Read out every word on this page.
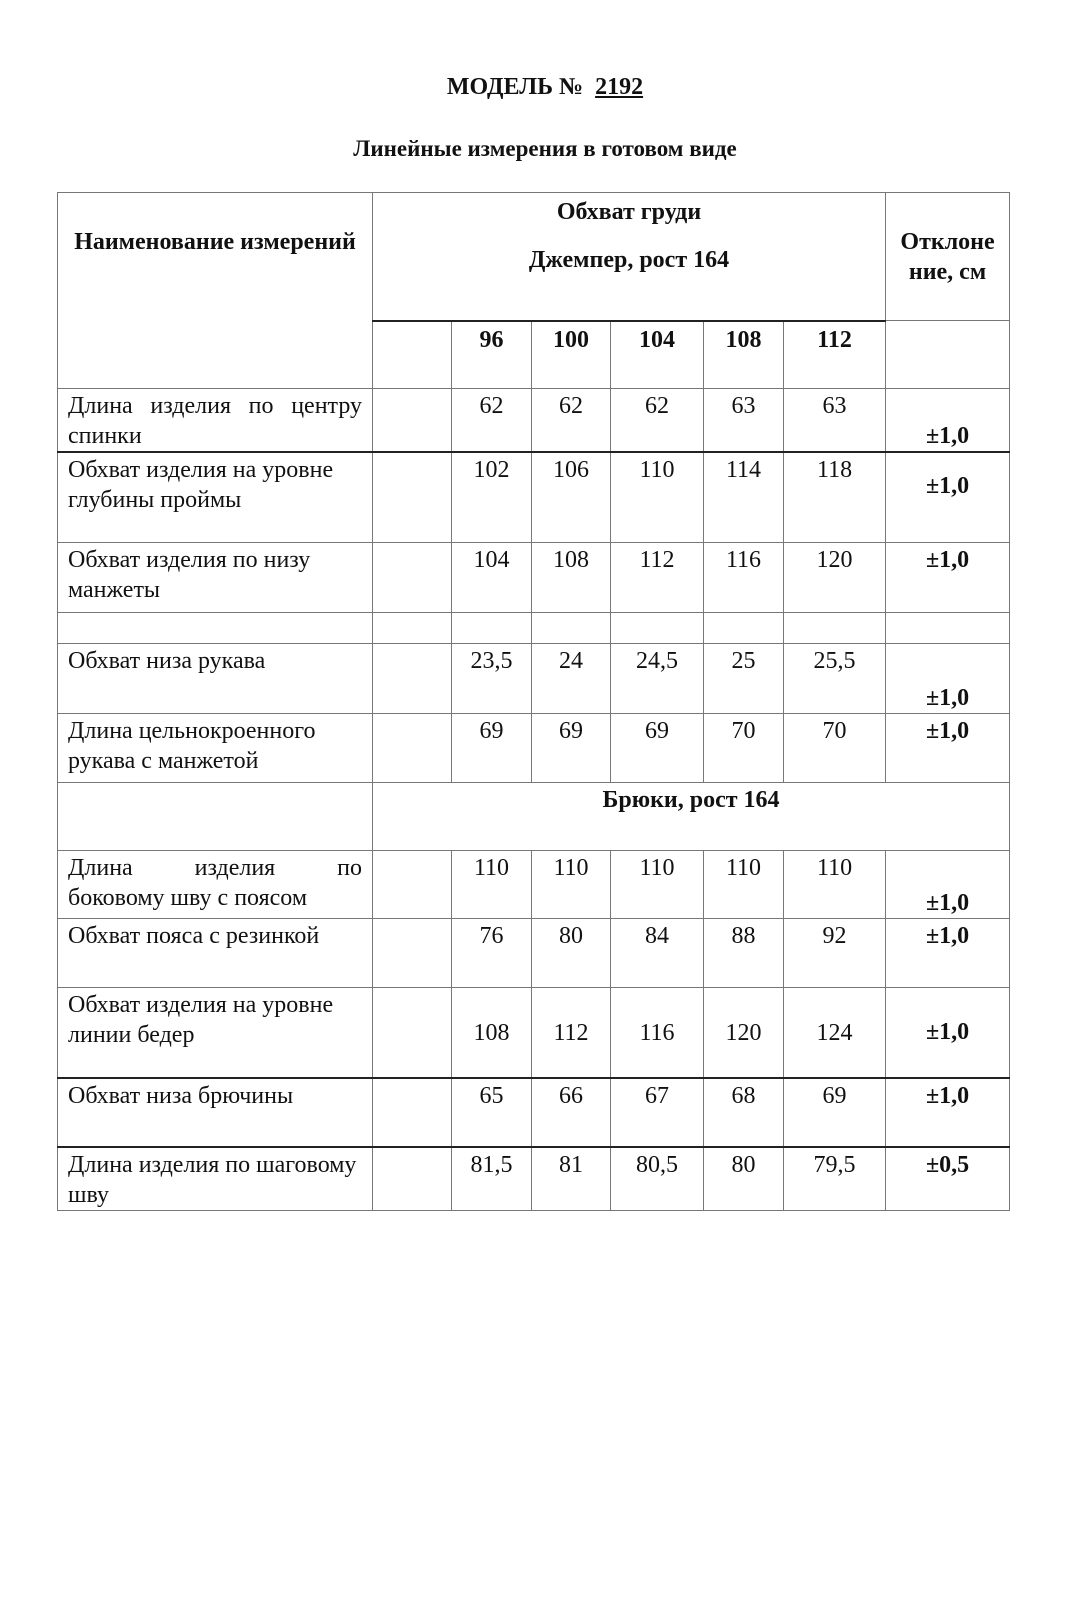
МОДЕЛЬ № 2192
Линейные измерения в готовом виде
Наименование измерений	Обхват груди
Джемпер, рост 164						Отклоне ние, см
		96	100	104	108	112	
Длина изделия по центру спинки		62	62	62	63	63	±1,0
Обхват изделия на уровне глубины проймы		102	106	110	114	118	±1,0
Обхват изделия по низу манжеты		104	108	112	116	120	±1,0

Обхват низа рукава		23,5	24	24,5	25	25,5	±1,0
Длина цельнокроенного рукава с манжетой		69	69	69	70	70	±1,0
	Брюки, рост 164						

Длина изделия по
боковому шву с поясом		110	110	110	110	110	±1,0
Обхват пояса с резинкой		76	80	84	88	92	±1,0
Обхват изделия на уровне линии бедер		108	112	116	120	124	±1,0
Обхват низа брючины		65	66	67	68	69	±1,0
Длина изделия по шаговому шву		81,5	81	80,5	80	79,5	±0,5
